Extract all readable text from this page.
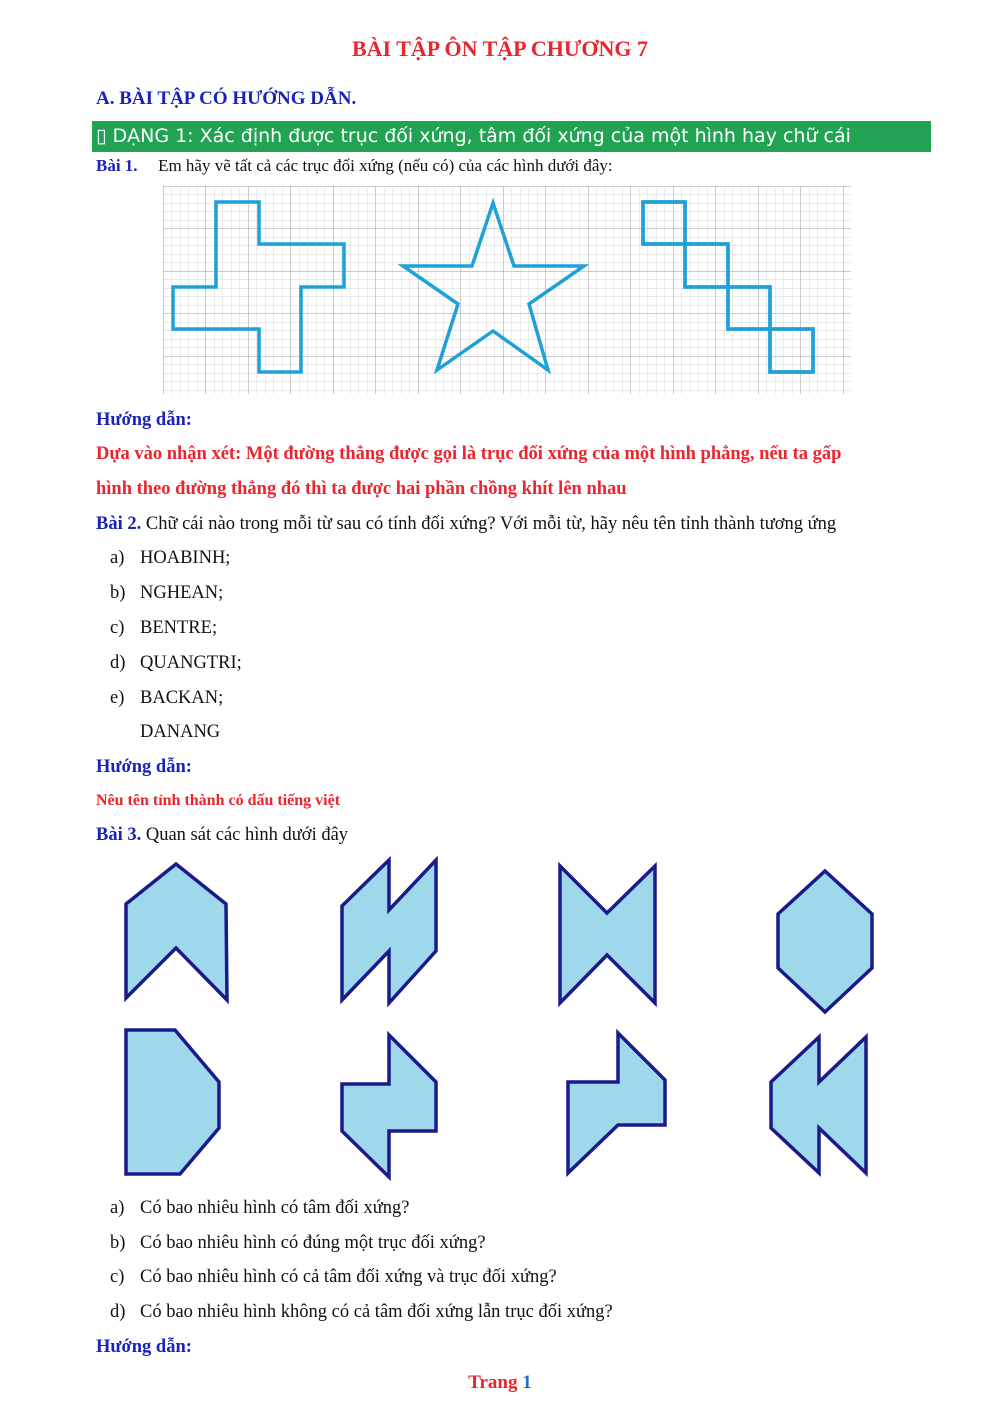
BÀI TẬP ÔN TẬP CHƯƠNG 7
A. BÀI TẬP CÓ HƯỚNG DẪN.
▯ DẠNG 1: Xác định được trục đối xứng, tâm đối xứng của một hình hay chữ cái
Bài 1. Em hãy vẽ tất cả các trục đối xứng (nếu có) của các hình dưới đây:
Hướng dẫn:
Dựa vào nhận xét: Một đường thẳng được gọi là trục đối xứng của một hình phẳng, nếu ta gấp
hình theo đường thẳng đó thì ta được hai phần chồng khít lên nhau
Bài 2. Chữ cái nào trong mỗi từ sau có tính đối xứng? Với mỗi từ, hãy nêu tên tỉnh thành tương ứng
a) HOABINH;
b) NGHEAN;
c) BENTRE;
d) QUANGTRI;
e) BACKAN;
DANANG
Hướng dẫn:
Nêu tên tỉnh thành có dấu tiếng việt
Bài 3. Quan sát các hình dưới đây
a) Có bao nhiêu hình có tâm đối xứng?
b) Có bao nhiêu hình có đúng một trục đối xứng?
c) Có bao nhiêu hình có cả tâm đối xứng và trục đối xứng?
d) Có bao nhiêu hình không có cả tâm đối xứng lẫn trục đối xứng?
Hướng dẫn:
Trang 1
